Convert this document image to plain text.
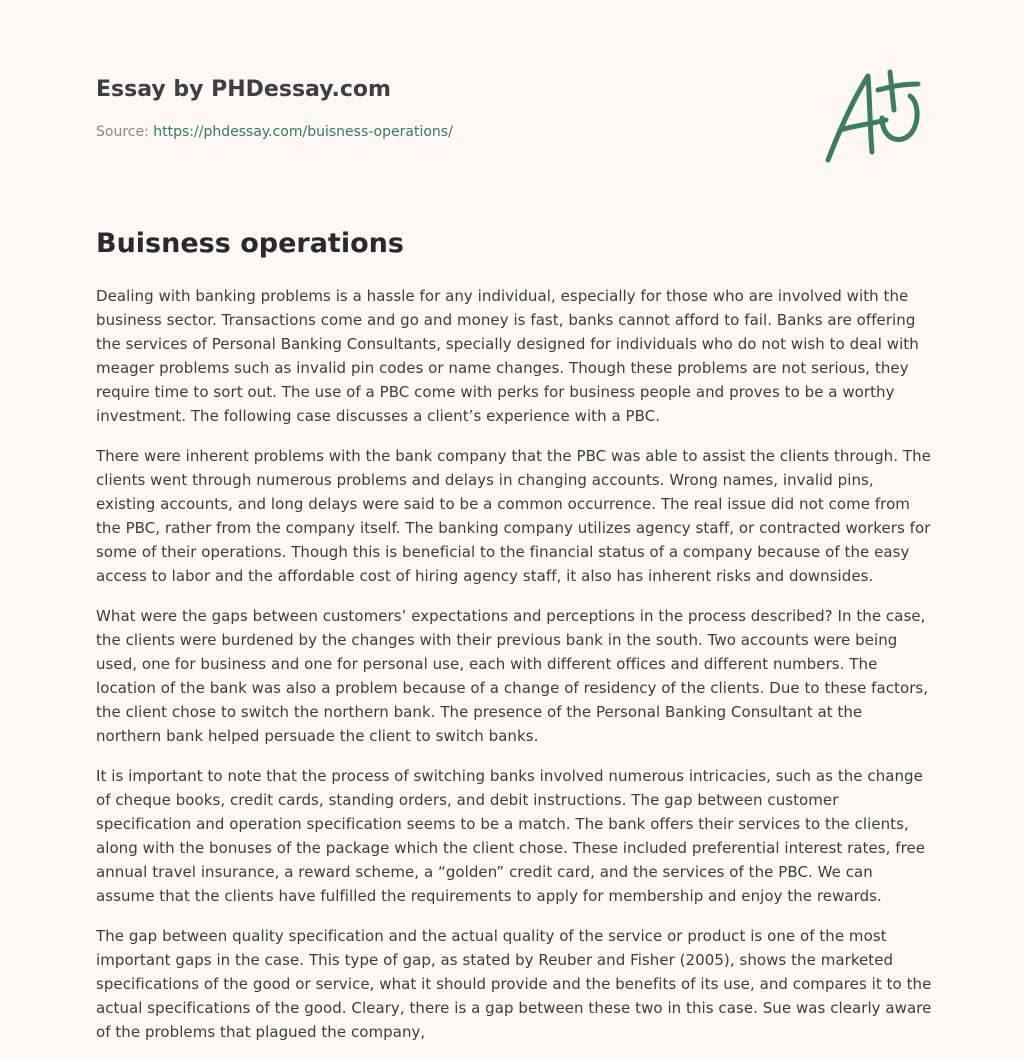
Essay by PHDessay.com
Source: https://phdessay.com/buisness-operations/
Buisness operations

Dealing with banking problems is a hassle for any individual, especially for those who are involved with the business sector. Transactions come and go and money is fast, banks cannot afford to fail. Banks are offering the services of Personal Banking Consultants, specially designed for individuals who do not wish to deal with meager problems such as invalid pin codes or name changes. Though these problems are not serious, they require time to sort out. The use of a PBC come with perks for business people and proves to be a worthy investment. The following case discusses a client’s experience with a PBC.

There were inherent problems with the bank company that the PBC was able to assist the clients through. The clients went through numerous problems and delays in changing accounts. Wrong names, invalid pins, existing accounts, and long delays were said to be a common occurrence. The real issue did not come from the PBC, rather from the company itself. The banking company utilizes agency staff, or contracted workers for some of their operations. Though this is beneficial to the financial status of a company because of the easy access to labor and the affordable cost of hiring agency staff, it also has inherent risks and downsides.

What were the gaps between customers’ expectations and perceptions in the process described? In the case, the clients were burdened by the changes with their previous bank in the south. Two accounts were being used, one for business and one for personal use, each with different offices and different numbers. The location of the bank was also a problem because of a change of residency of the clients. Due to these factors, the client chose to switch the northern bank. The presence of the Personal Banking Consultant at the northern bank helped persuade the client to switch banks.

It is important to note that the process of switching banks involved numerous intricacies, such as the change of cheque books, credit cards, standing orders, and debit instructions. The gap between customer specification and operation specification seems to be a match. The bank offers their services to the clients, along with the bonuses of the package which the client chose. These included preferential interest rates, free annual travel insurance, a reward scheme, a “golden” credit card, and the services of the PBC. We can assume that the clients have fulfilled the requirements to apply for membership and enjoy the rewards.

The gap between quality specification and the actual quality of the service or product is one of the most important gaps in the case. This type of gap, as stated by Reuber and Fisher (2005), shows the marketed specifications of the good or service, what it should provide and the benefits of its use, and compares it to the actual specifications of the good. Cleary, there is a gap between these two in this case. Sue was clearly aware of the problems that plagued the company,
